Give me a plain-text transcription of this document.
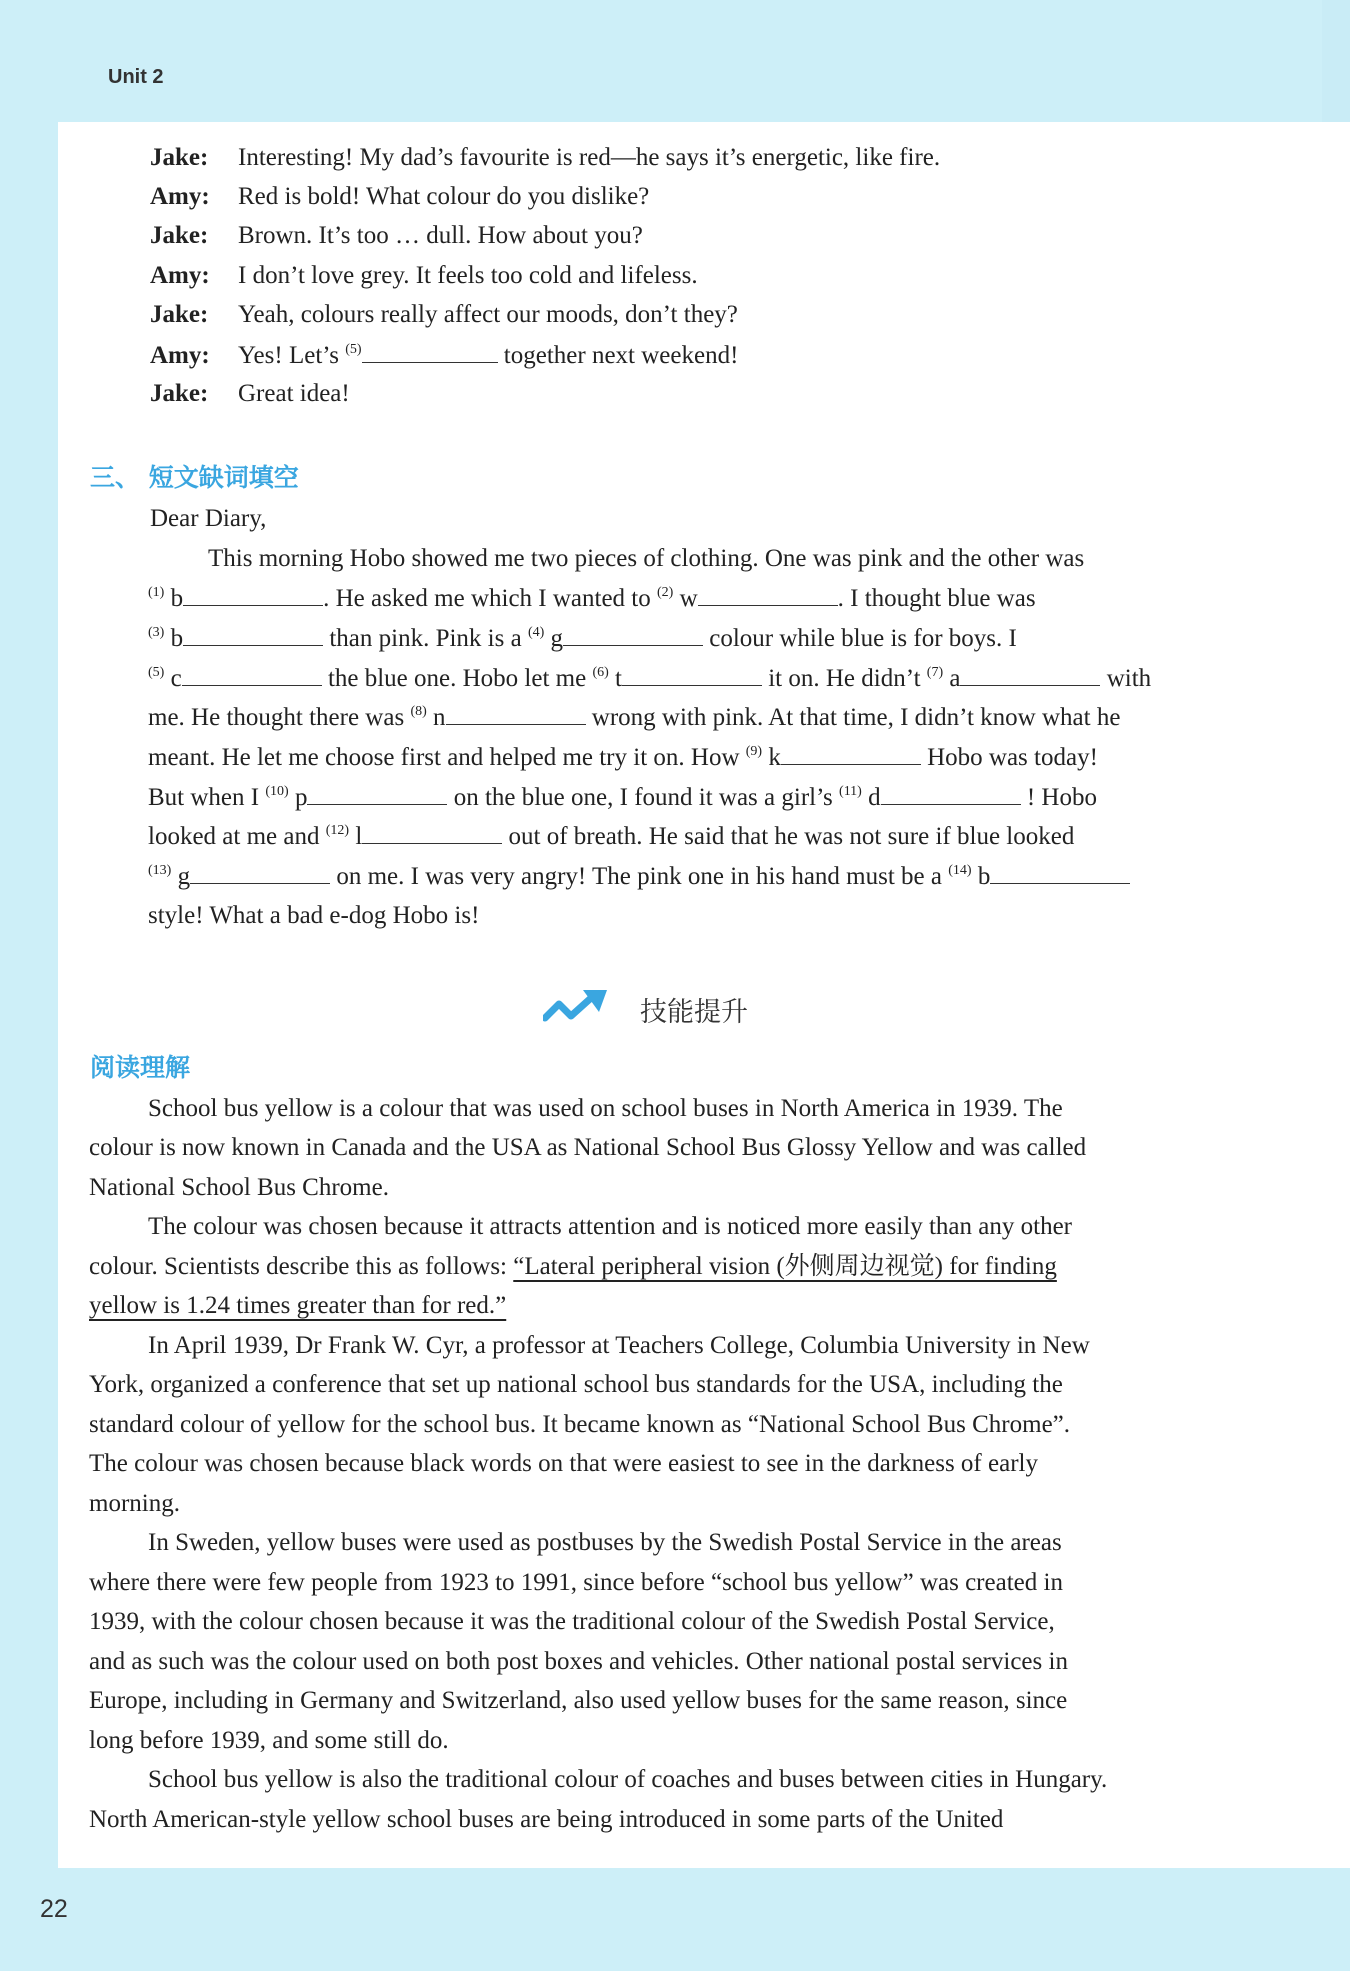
Unit 2
22
Jake: Interesting! My dad’s favourite is red—he says it’s energetic, like fire.
Amy: Red is bold! What colour do you dislike?
Jake: Brown. It’s too … dull. How about you?
Amy: I don’t love grey. It feels too cold and lifeless.
Jake: Yeah, colours really affect our moods, don’t they?
Amy: Yes! Let’s $^{(5)}$	together next weekend!
Jake: Great idea!
三、 短文缺词填空
Dear Diary,
This morning Hobo showed me two pieces of clothing. One was pink and the other was
$^{(1)}$ b	. He asked me which I wanted to $^{(2)}$ w	. I thought blue was
$^{(3)}$ b	than pink. Pink is a $^{(4)}$ g	colour while blue is for boys. I
$^{(5)}$ c	the blue one. Hobo let me $^{(6)}$ t	it on. He didn’t $^{(7)}$ a	with
me. He thought there was $^{(8)}$ n	wrong with pink. At that time, I didn’t know what he
meant. He let me choose first and helped me try it on. How $^{(9)}$ k	Hobo was today!
But when I $^{(10)}$ p	on the blue one, I found it was a girl’s $^{(11)}$ d	! Hobo
looked at me and $^{(12)}$ l	out of breath. He said that he was not sure if blue looked
$^{(13)}$ g	on me. I was very angry! The pink one in his hand must be a $^{(14)}$ b
style! What a bad e-dog Hobo is!
技能提升
阅读理解
School bus yellow is a colour that was used on school buses in North America in 1939. The
colour is now known in Canada and the USA as National School Bus Glossy Yellow and was called
National School Bus Chrome.
The colour was chosen because it attracts attention and is noticed more easily than any other
colour. Scientists describe this as follows: “Lateral peripheral vision (外侧周边视觉) for finding
yellow is 1.24 times greater than for red.”
In April 1939, Dr Frank W. Cyr, a professor at Teachers College, Columbia University in New
York, organized a conference that set up national school bus standards for the USA, including the
standard colour of yellow for the school bus. It became known as “National School Bus Chrome”.
The colour was chosen because black words on that were easiest to see in the darkness of early
morning.
In Sweden, yellow buses were used as postbuses by the Swedish Postal Service in the areas
where there were few people from 1923 to 1991, since before “school bus yellow” was created in
1939, with the colour chosen because it was the traditional colour of the Swedish Postal Service,
and as such was the colour used on both post boxes and vehicles. Other national postal services in
Europe, including in Germany and Switzerland, also used yellow buses for the same reason, since
long before 1939, and some still do.
School bus yellow is also the traditional colour of coaches and buses between cities in Hungary.
North American-style yellow school buses are being introduced in some parts of the United
